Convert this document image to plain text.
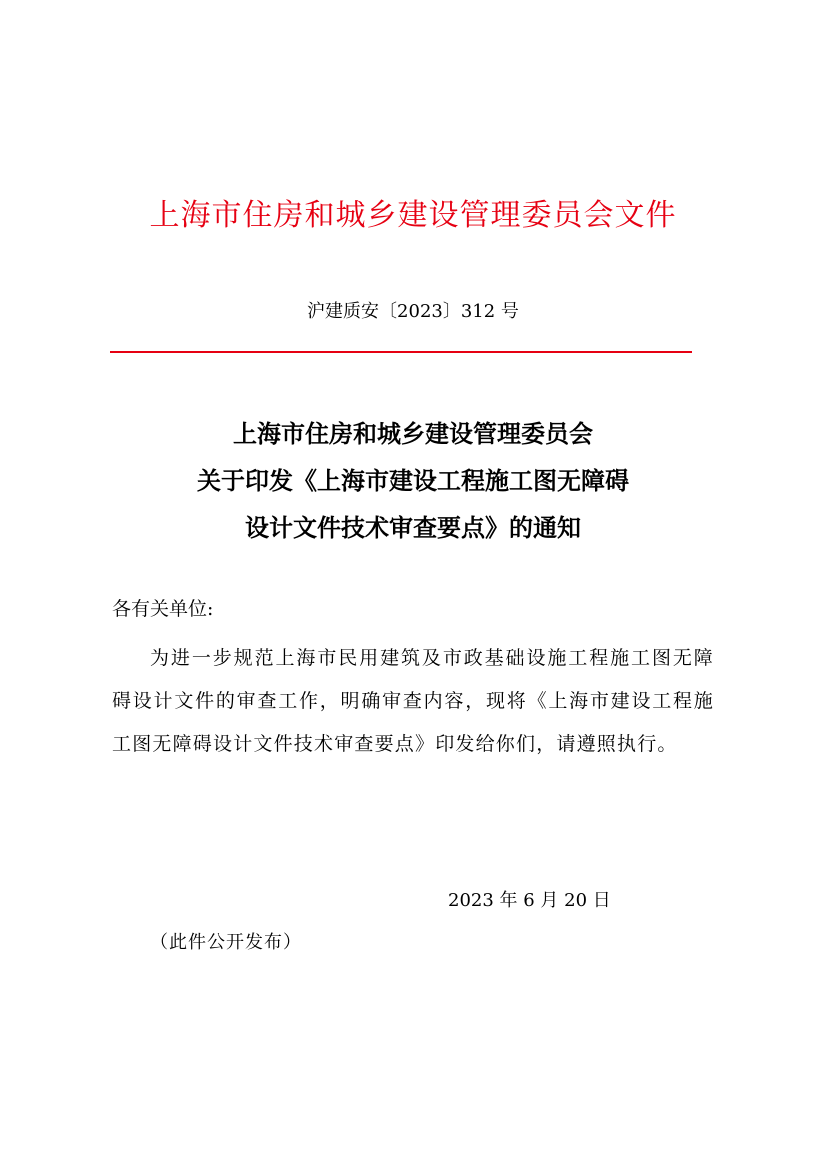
上海市住房和城乡建设管理委员会文件
沪建质安〔2023〕312 号
上海市住房和城乡建设管理委员会
关于印发《上海市建设工程施工图无障碍
设计文件技术审查要点》的通知
各有关单位:
为进一步规范上海市民用建筑及市政基础设施工程施工图无障碍设计文件的审查工作，明确审查内容，现将《上海市建设工程施工图无障碍设计文件技术审查要点》印发给你们，请遵照执行。
2023 年 6 月 20 日
（此件公开发布）
